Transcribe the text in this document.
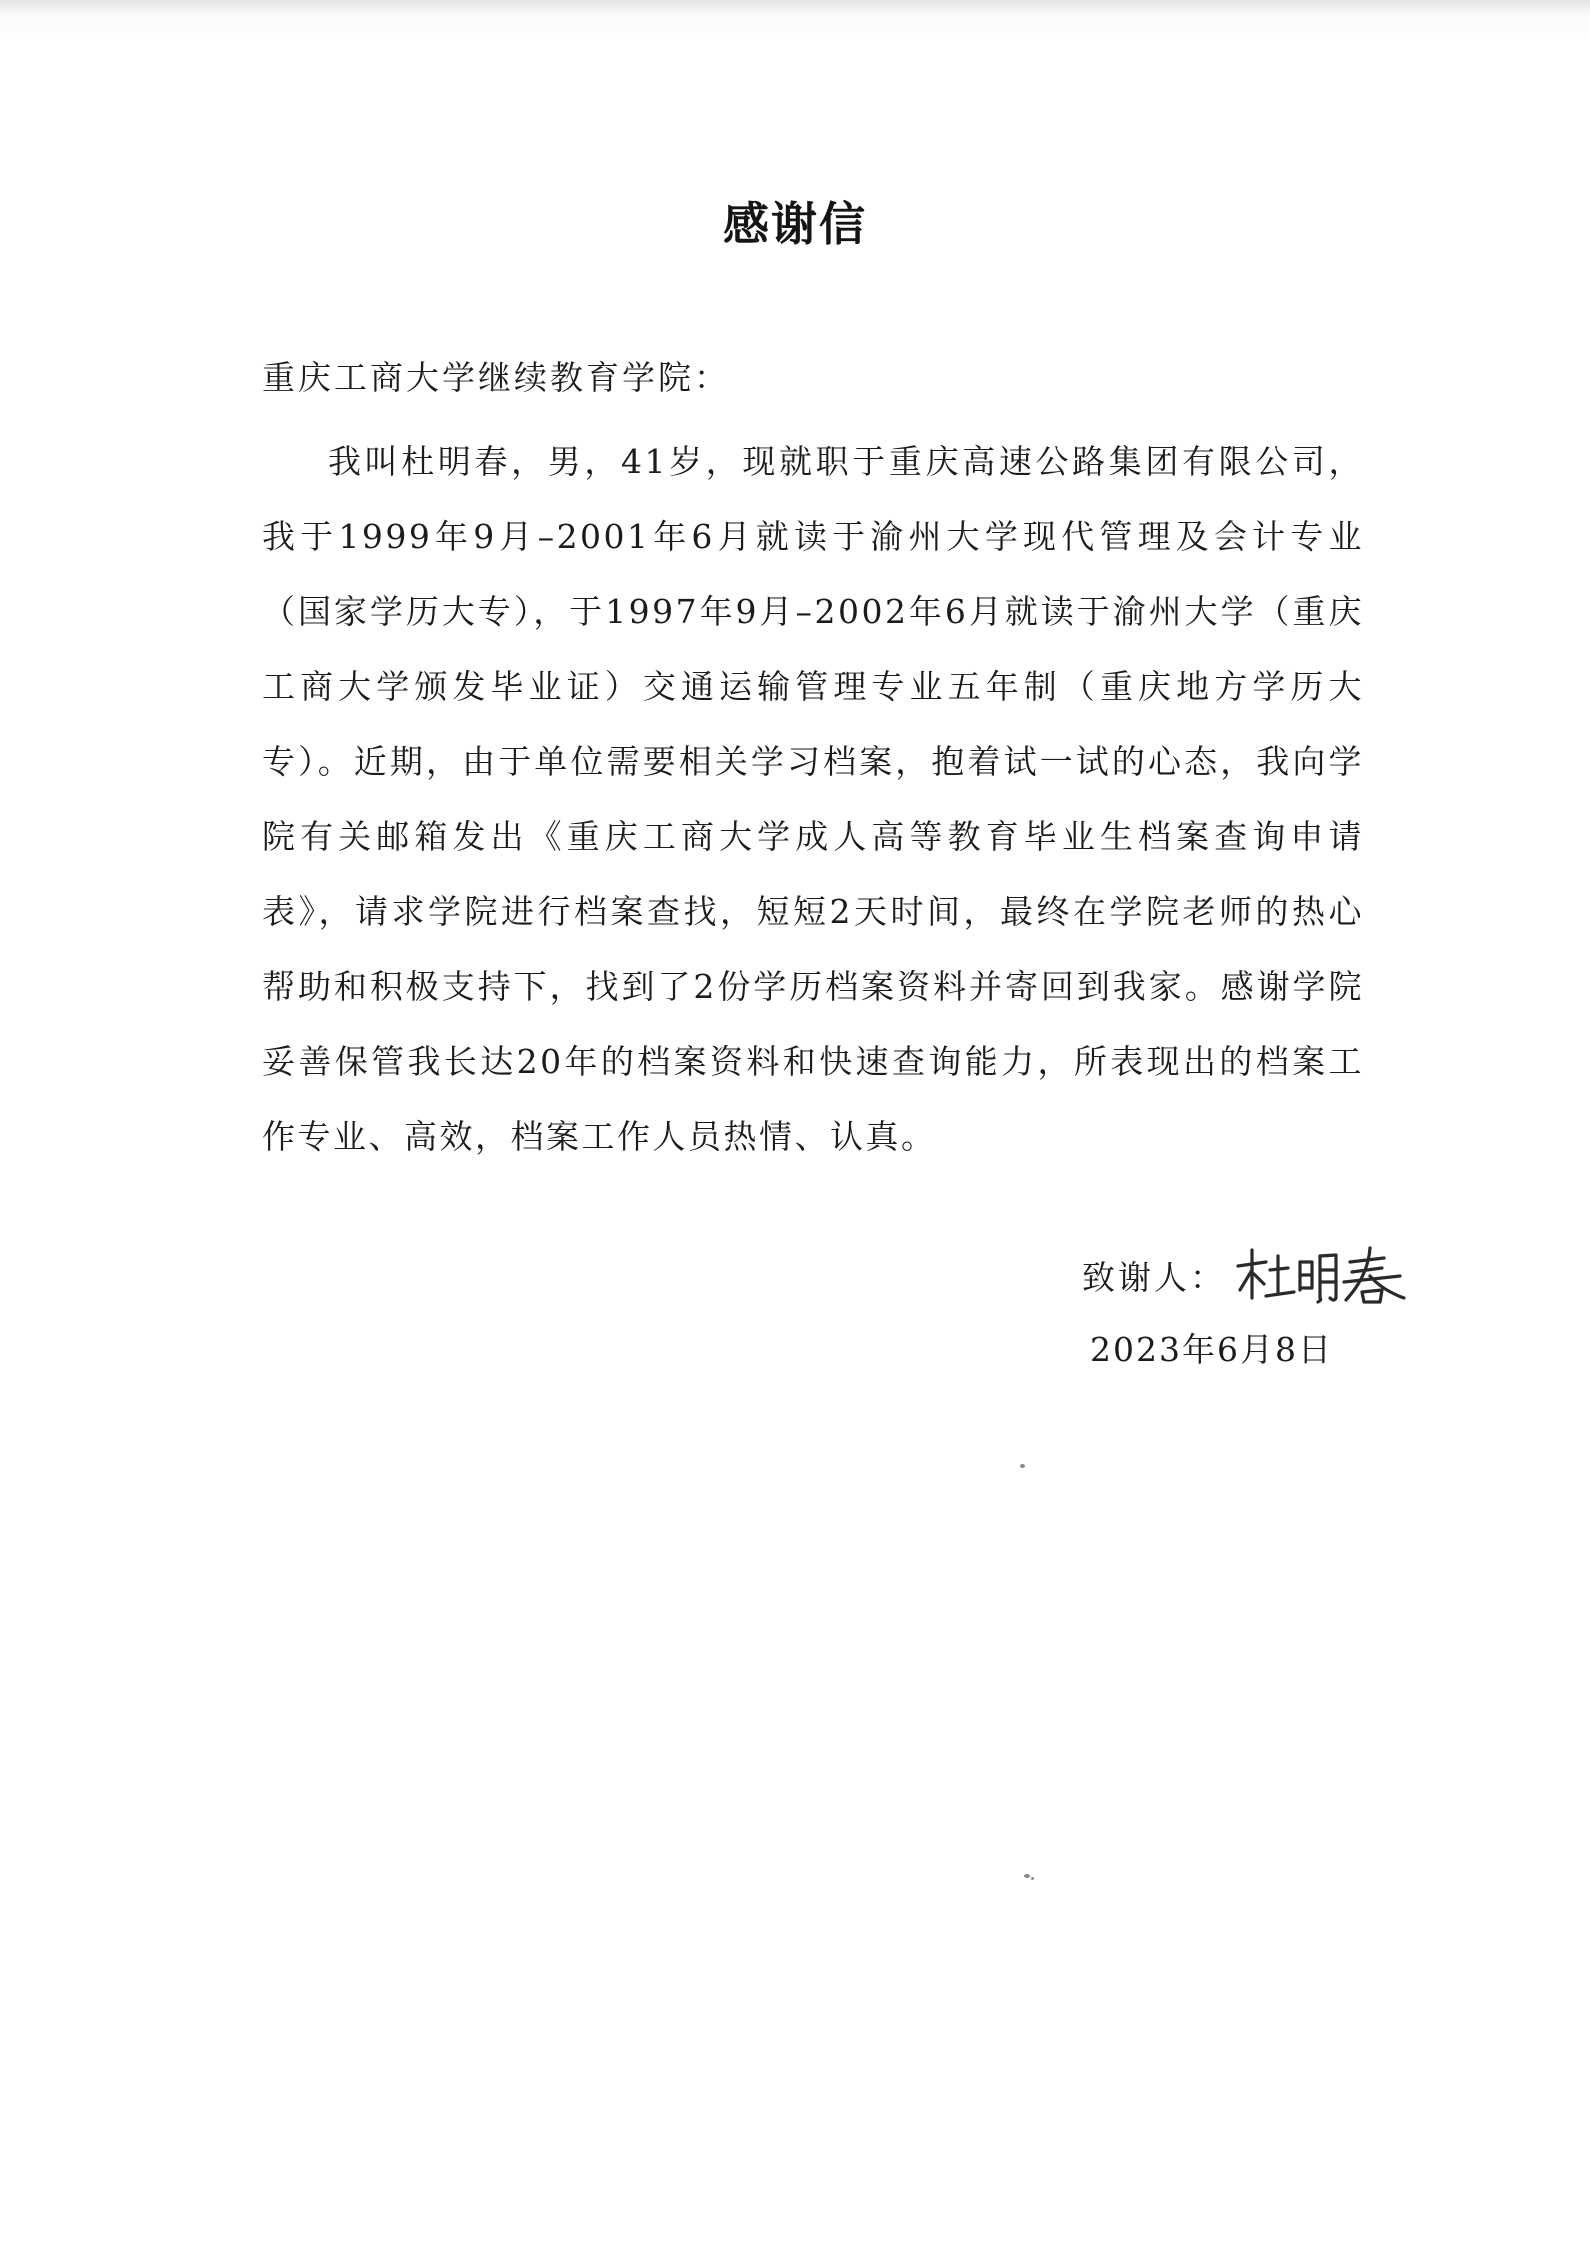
感谢信
重庆工商大学继续教育学院：
我叫杜明春，男，41岁，现就职于重庆高速公路集团有限公司，我于1999年9月–2001年6月就读于渝州大学现代管理及会计专业（国家学历大专），于1997年9月–2002年6月就读于渝州大学（重庆工商大学颁发毕业证）交通运输管理专业五年制（重庆地方学历大专）。近期，由于单位需要相关学习档案，抱着试一试的心态，我向学院有关邮箱发出《重庆工商大学成人高等教育毕业生档案查询申请表》，请求学院进行档案查找，短短2天时间，最终在学院老师的热心帮助和积极支持下，找到了2份学历档案资料并寄回到我家。感谢学院妥善保管我长达20年的档案资料和快速查询能力，所表现出的档案工作专业、高效，档案工作人员热情、认真。
致谢人：
2023年6月8日
